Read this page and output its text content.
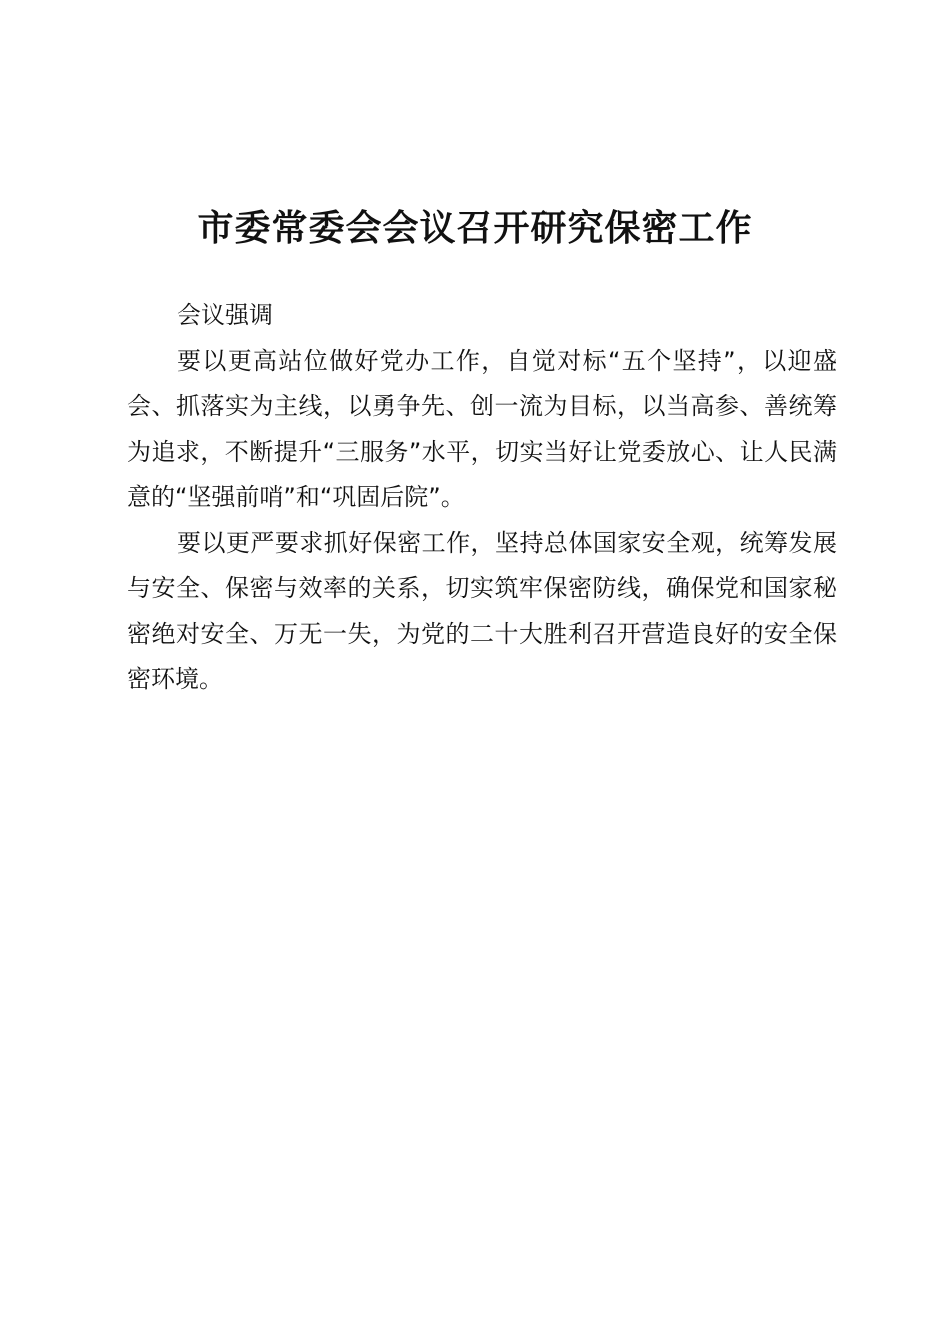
市委常委会会议召开研究保密工作

会议强调

要以更高站位做好党办工作，自觉对标“五个坚持”，以迎盛会、抓落实为主线，以勇争先、创一流为目标，以当高参、善统筹为追求，不断提升“三服务”水平，切实当好让党委放心、让人民满意的“坚强前哨”和“巩固后院”。

要以更严要求抓好保密工作，坚持总体国家安全观，统筹发展与安全、保密与效率的关系，切实筑牢保密防线，确保党和国家秘密绝对安全、万无一失，为党的二十大胜利召开营造良好的安全保密环境。
